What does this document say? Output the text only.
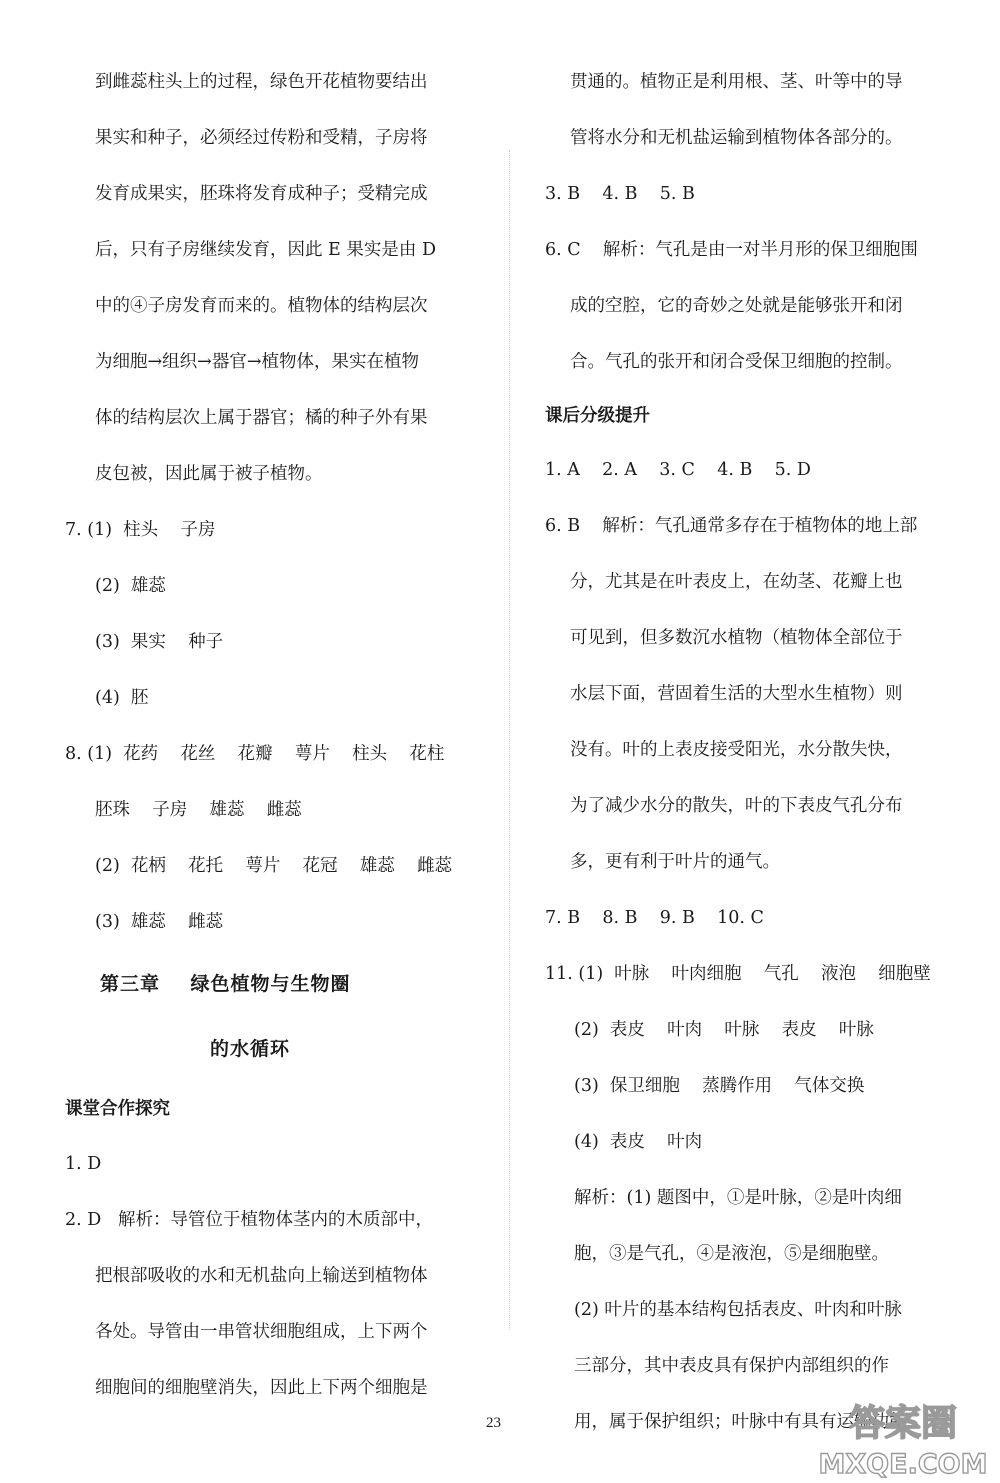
到雌蕊柱头上的过程，绿色开花植物要结出
果实和种子，必须经过传粉和受精，子房将
发育成果实，胚珠将发育成种子；受精完成
后，只有子房继续发育，因此 E 果实是由 D
中的④子房发育而来的。植物体的结构层次
为细胞→组织→器官→植物体，果实在植物
体的结构层次上属于器官；橘的种子外有果
皮包被，因此属于被子植物。
7. (1)  柱头    子房
(2)  雄蕊
(3)  果实    种子
(4)  胚
8. (1)  花药    花丝    花瓣    萼片    柱头    花柱
胚珠    子房    雄蕊    雌蕊
(2)  花柄    花托    萼片    花冠    雄蕊    雌蕊
(3)  雄蕊    雌蕊
第三章    绿色植物与生物圈
的水循环
课堂合作探究
1. D
2. D   解析：导管位于植物体茎内的木质部中，
把根部吸收的水和无机盐向上输送到植物体
各处。导管由一串管状细胞组成，上下两个
细胞间的细胞壁消失，因此上下两个细胞是
贯通的。植物正是利用根、茎、叶等中的导
管将水分和无机盐运输到植物体各部分的。
3. B    4. B    5. B
6. C    解析：气孔是由一对半月形的保卫细胞围
成的空腔，它的奇妙之处就是能够张开和闭
合。气孔的张开和闭合受保卫细胞的控制。
课后分级提升
1. A    2. A    3. C    4. B    5. D
6. B    解析：气孔通常多存在于植物体的地上部
分，尤其是在叶表皮上，在幼茎、花瓣上也
可见到，但多数沉水植物（植物体全部位于
水层下面，营固着生活的大型水生植物）则
没有。叶的上表皮接受阳光，水分散失快，
为了减少水分的散失，叶的下表皮气孔分布
多，更有利于叶片的通气。
7. B    8. B    9. B    10. C
11. (1)  叶脉    叶肉细胞    气孔    液泡    细胞壁
(2)  表皮    叶肉    叶脉    表皮    叶脉
(3)  保卫细胞    蒸腾作用    气体交换
(4)  表皮    叶肉
解析：(1) 题图中，①是叶脉，②是叶肉细
胞，③是气孔，④是液泡，⑤是细胞壁。
(2) 叶片的基本结构包括表皮、叶肉和叶脉
三部分，其中表皮具有保护内部组织的作
用，属于保护组织；叶脉中有具有运输功能
23	答案圈
MXQE.COM
